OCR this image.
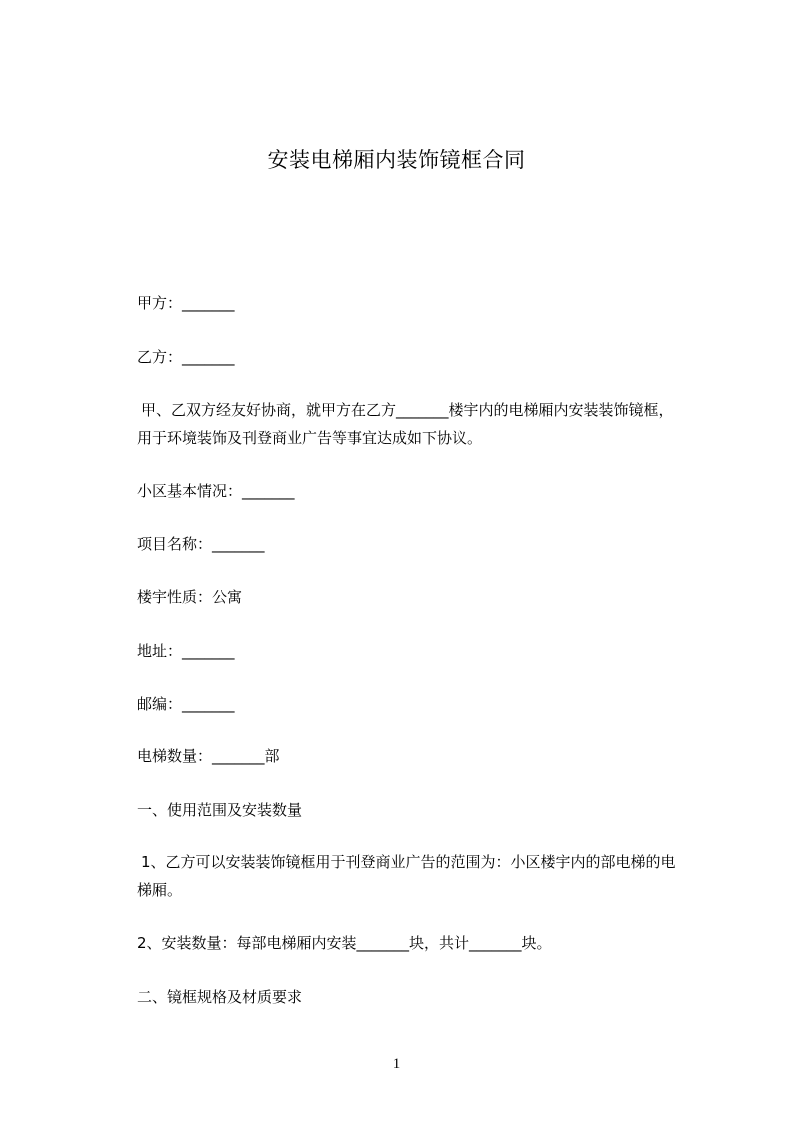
安装电梯厢内装饰镜框合同
甲方：_______
乙方：_______
甲、乙双方经友好协商，就甲方在乙方_______楼宇内的电梯厢内安装装饰镜框，
用于环境装饰及刊登商业广告等事宜达成如下协议。
小区基本情况：_______
项目名称：_______
楼宇性质：公寓
地址：_______
邮编：_______
电梯数量：_______部
一、使用范围及安装数量
1、乙方可以安装装饰镜框用于刊登商业广告的范围为：小区楼宇内的部电梯的电
梯厢。
2、安装数量：每部电梯厢内安装_______块，共计_______块。
二、镜框规格及材质要求
1
